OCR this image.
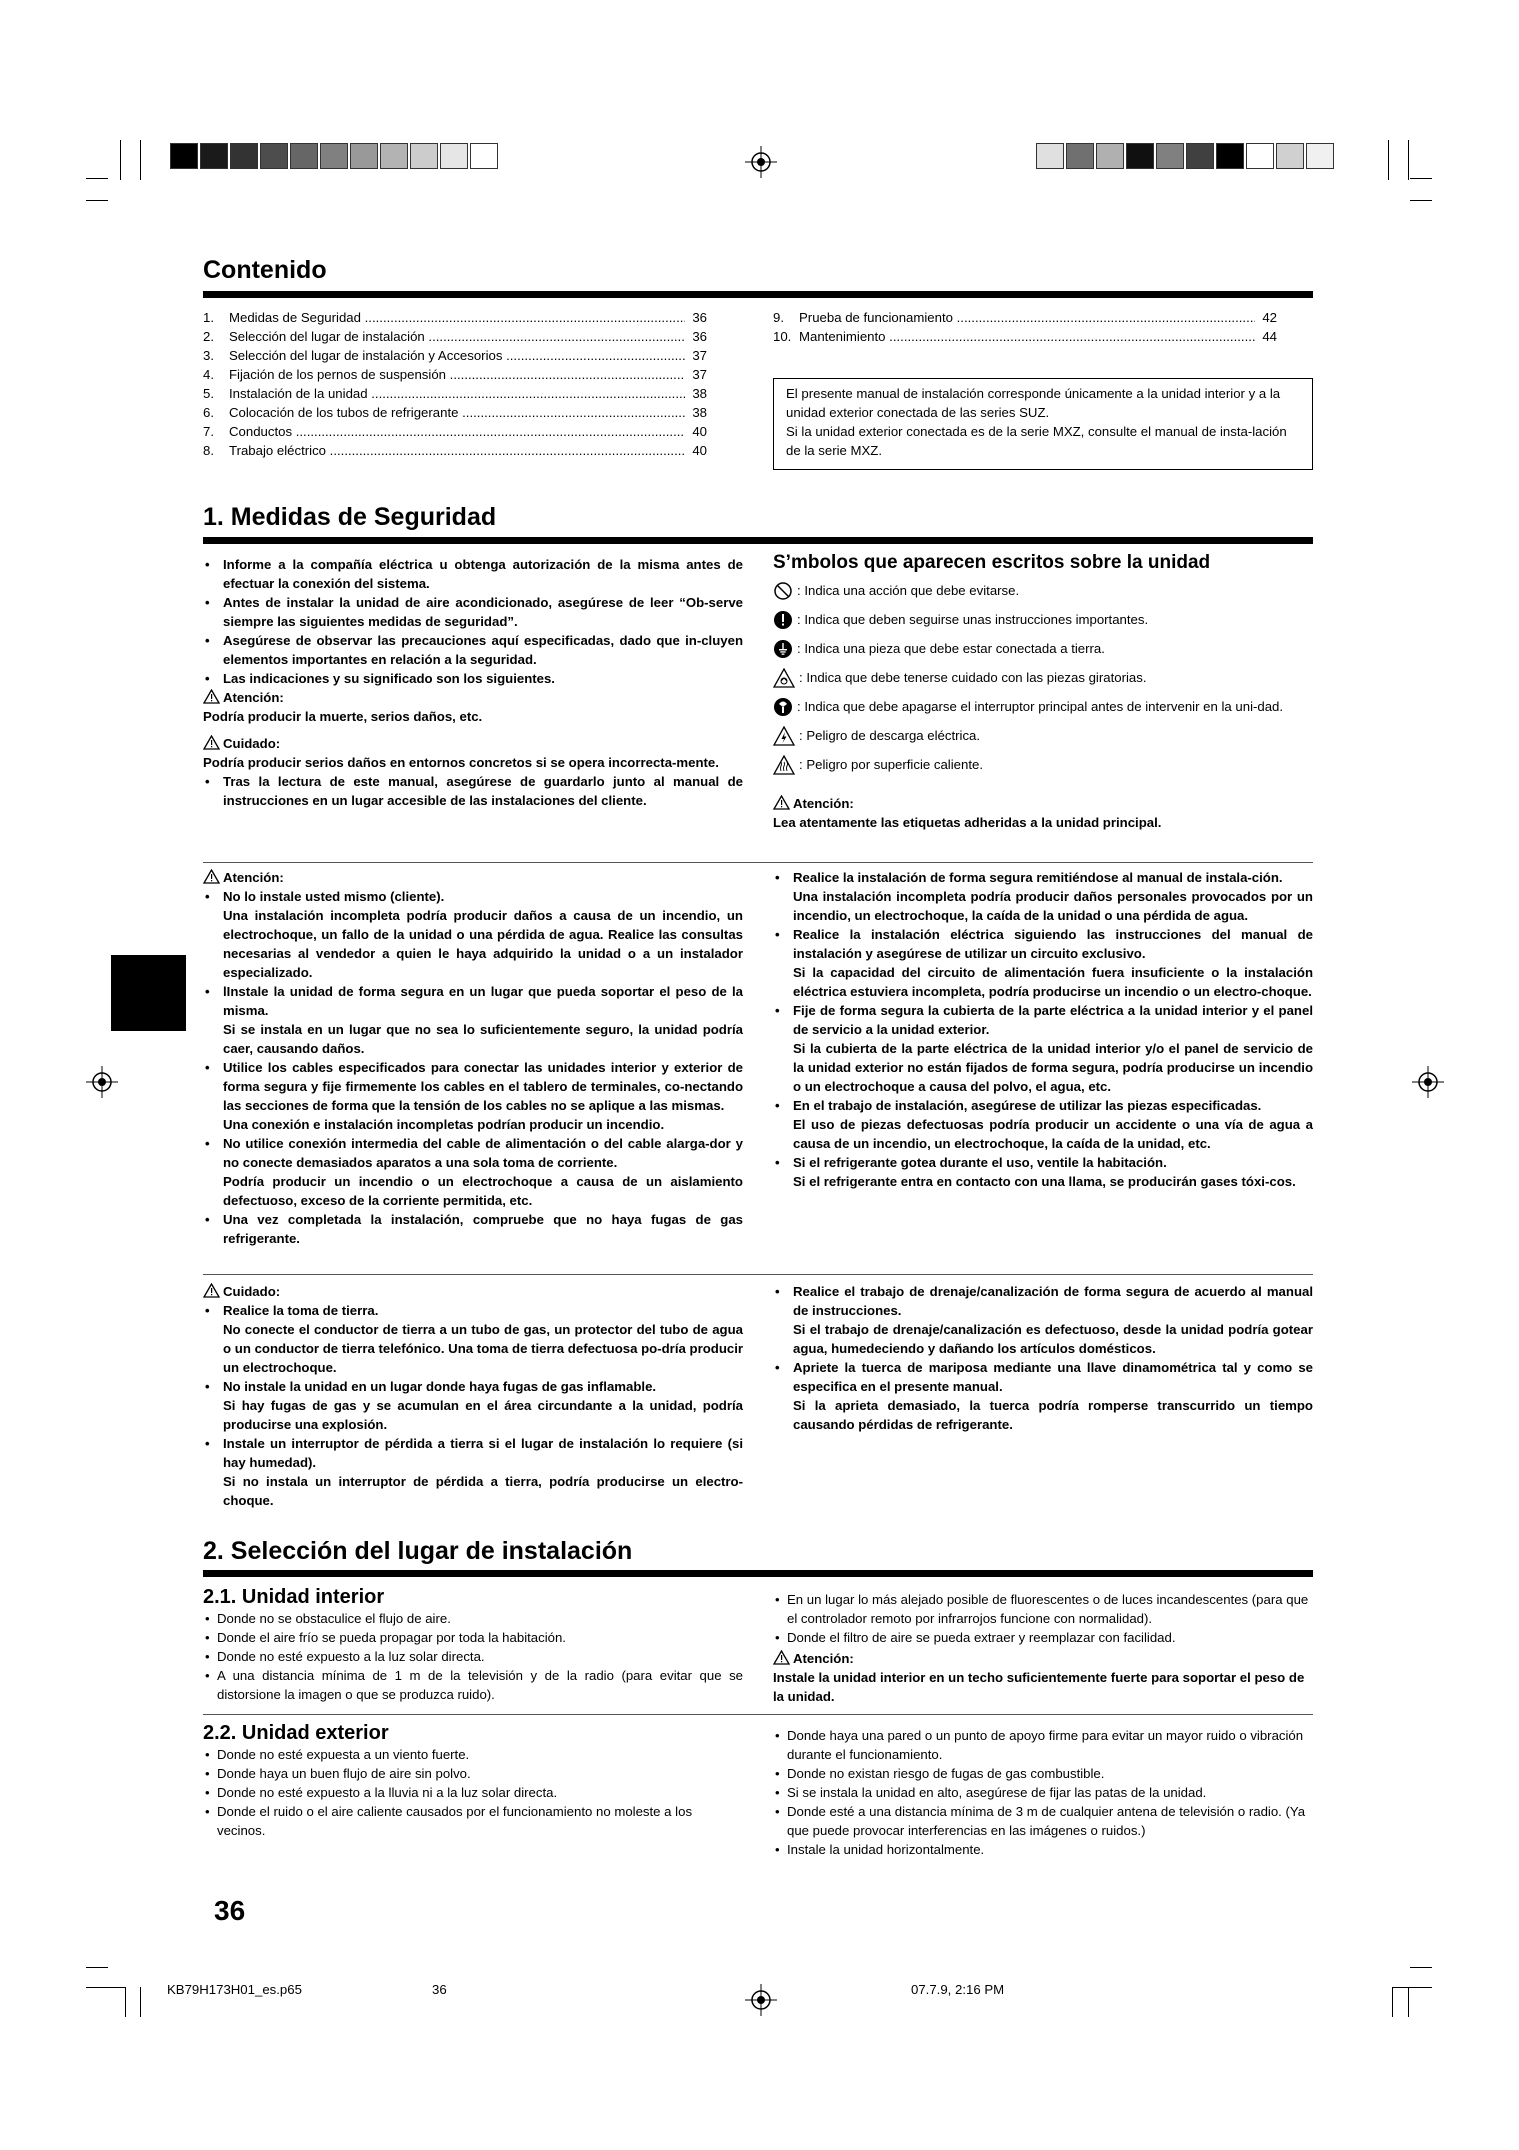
Contenido
1.	Medidas de Seguridad .....	36
2.	Selección del lugar de instalación .....	36
3.	Selección del lugar de instalación y Accesorios .....	37
4.	Fijación de los pernos de suspensión .....	37
5.	Instalación de la unidad .....	38
6.	Colocación de los tubos de refrigerante .....	38
7.	Conductos .....	40
8.	Trabajo eléctrico .....	40
9.	Prueba de funcionamiento .....	42
10. Mantenimiento .....	44
El presente manual de instalación corresponde únicamente a la unidad interior y a la unidad exterior conectada de las series SUZ.
Si la unidad exterior conectada es de la serie MXZ, consulte el manual de insta-lación de la serie MXZ.
1. Medidas de Seguridad
• Informe a la compañía eléctrica u obtenga autorización de la misma antes de efectuar la conexión del sistema.
• Antes de instalar la unidad de aire acondicionado, asegúrese de leer “Ob-serve siempre las siguientes medidas de seguridad”.
• Asegúrese de observar las precauciones aquí especificadas, dado que in-cluyen elementos importantes en relación a la seguridad.
• Las indicaciones y su significado son los siguientes.
Atención:
Podría producir la muerte, serios daños, etc.
Cuidado:
Podría producir serios daños en entornos concretos si se opera incorrecta-mente.
• Tras la lectura de este manual, asegúrese de guardarlo junto al manual de instrucciones en un lugar accesible de las instalaciones del cliente.
S’mbolos que aparecen escritos sobre la unidad
: Indica una acción que debe evitarse.
: Indica que deben seguirse unas instrucciones importantes.
: Indica una pieza que debe estar conectada a tierra.
: Indica que debe tenerse cuidado con las piezas giratorias.
: Indica que debe apagarse el interruptor principal antes de intervenir en la uni-dad.
: Peligro de descarga eléctrica.
: Peligro por superficie caliente.
Atención:
Lea atentamente las etiquetas adheridas a la unidad principal.
Atención:
• No lo instale usted mismo (cliente).
Una instalación incompleta podría producir daños a causa de un incendio, un electrochoque, un fallo de la unidad o una pérdida de agua. Realice las consultas necesarias al vendedor a quien le haya adquirido la unidad o a un instalador especializado.
• lInstale la unidad de forma segura en un lugar que pueda soportar el peso de la misma.
Si se instala en un lugar que no sea lo suficientemente seguro, la unidad podría caer, causando daños.
• Utilice los cables especificados para conectar las unidades interior y exterior de forma segura y fije firmemente los cables en el tablero de terminales, co-nectando las secciones de forma que la tensión de los cables no se aplique a las mismas.
Una conexión e instalación incompletas podrían producir un incendio.
• No utilice conexión intermedia del cable de alimentación o del cable alarga-dor y no conecte demasiados aparatos a una sola toma de corriente.
Podría producir un incendio o un electrochoque a causa de un aislamiento defectuoso, exceso de la corriente permitida, etc.
• Una vez completada la instalación, compruebe que no haya fugas de gas refrigerante.
• Realice la instalación de forma segura remitiéndose al manual de instala-ción.
Una instalación incompleta podría producir daños personales provocados por un incendio, un electrochoque, la caída de la unidad o una pérdida de agua.
• Realice la instalación eléctrica siguiendo las instrucciones del manual de instalación y asegúrese de utilizar un circuito exclusivo.
Si la capacidad del circuito de alimentación fuera insuficiente o la instalación eléctrica estuviera incompleta, podría producirse un incendio o un electro-choque.
• Fije de forma segura la cubierta de la parte eléctrica a la unidad interior y el panel de servicio a la unidad exterior.
Si la cubierta de la parte eléctrica de la unidad interior y/o el panel de servicio de la unidad exterior no están fijados de forma segura, podría producirse un incendio o un electrochoque a causa del polvo, el agua, etc.
• En el trabajo de instalación, asegúrese de utilizar las piezas especificadas.
El uso de piezas defectuosas podría producir un accidente o una vía de agua a causa de un incendio, un electrochoque, la caída de la unidad, etc.
• Si el refrigerante gotea durante el uso, ventile la habitación.
Si el refrigerante entra en contacto con una llama, se producirán gases tóxi-cos.
Cuidado:
• Realice la toma de tierra.
No conecte el conductor de tierra a un tubo de gas, un protector del tubo de agua o un conductor de tierra telefónico. Una toma de tierra defectuosa po-dría producir un electrochoque.
• No instale la unidad en un lugar donde haya fugas de gas inflamable.
Si hay fugas de gas y se acumulan en el área circundante a la unidad, podría producirse una explosión.
• Instale un interruptor de pérdida a tierra si el lugar de instalación lo requiere (si hay humedad).
Si no instala un interruptor de pérdida a tierra, podría producirse un electro-choque.
• Realice el trabajo de drenaje/canalización de forma segura de acuerdo al manual de instrucciones.
Si el trabajo de drenaje/canalización es defectuoso, desde la unidad podría gotear agua, humedeciendo y dañando los artículos domésticos.
• Apriete la tuerca de mariposa mediante una llave dinamométrica tal y como se especifica en el presente manual.
Si la aprieta demasiado, la tuerca podría romperse transcurrido un tiempo causando pérdidas de refrigerante.
2. Selección del lugar de instalación
2.1. Unidad interior
• Donde no se obstaculice el flujo de aire.
• Donde el aire frío se pueda propagar por toda la habitación.
• Donde no esté expuesto a la luz solar directa.
• A una distancia mínima de 1 m de la televisión y de la radio (para evitar que se distorsione la imagen o que se produzca ruido).
• En un lugar lo más alejado posible de fluorescentes o de luces incandescentes (para que el controlador remoto por infrarrojos funcione con normalidad).
• Donde el filtro de aire se pueda extraer y reemplazar con facilidad.
Atención:
Instale la unidad interior en un techo suficientemente fuerte para soportar el peso de la unidad.
2.2. Unidad exterior
• Donde no esté expuesta a un viento fuerte.
• Donde haya un buen flujo de aire sin polvo.
• Donde no esté expuesto a la lluvia ni a la luz solar directa.
• Donde el ruido o el aire caliente causados por el funcionamiento no moleste a los vecinos.
• Donde haya una pared o un punto de apoyo firme para evitar un mayor ruido o vibración durante el funcionamiento.
• Donde no existan riesgo de fugas de gas combustible.
• Si se instala la unidad en alto, asegúrese de fijar las patas de la unidad.
• Donde esté a una distancia mínima de 3 m de cualquier antena de televisión o radio. (Ya que puede provocar interferencias en las imágenes o ruidos.)
• Instale la unidad horizontalmente.
36
KB79H173H01_es.p65	36	07.7.9, 2:16 PM
